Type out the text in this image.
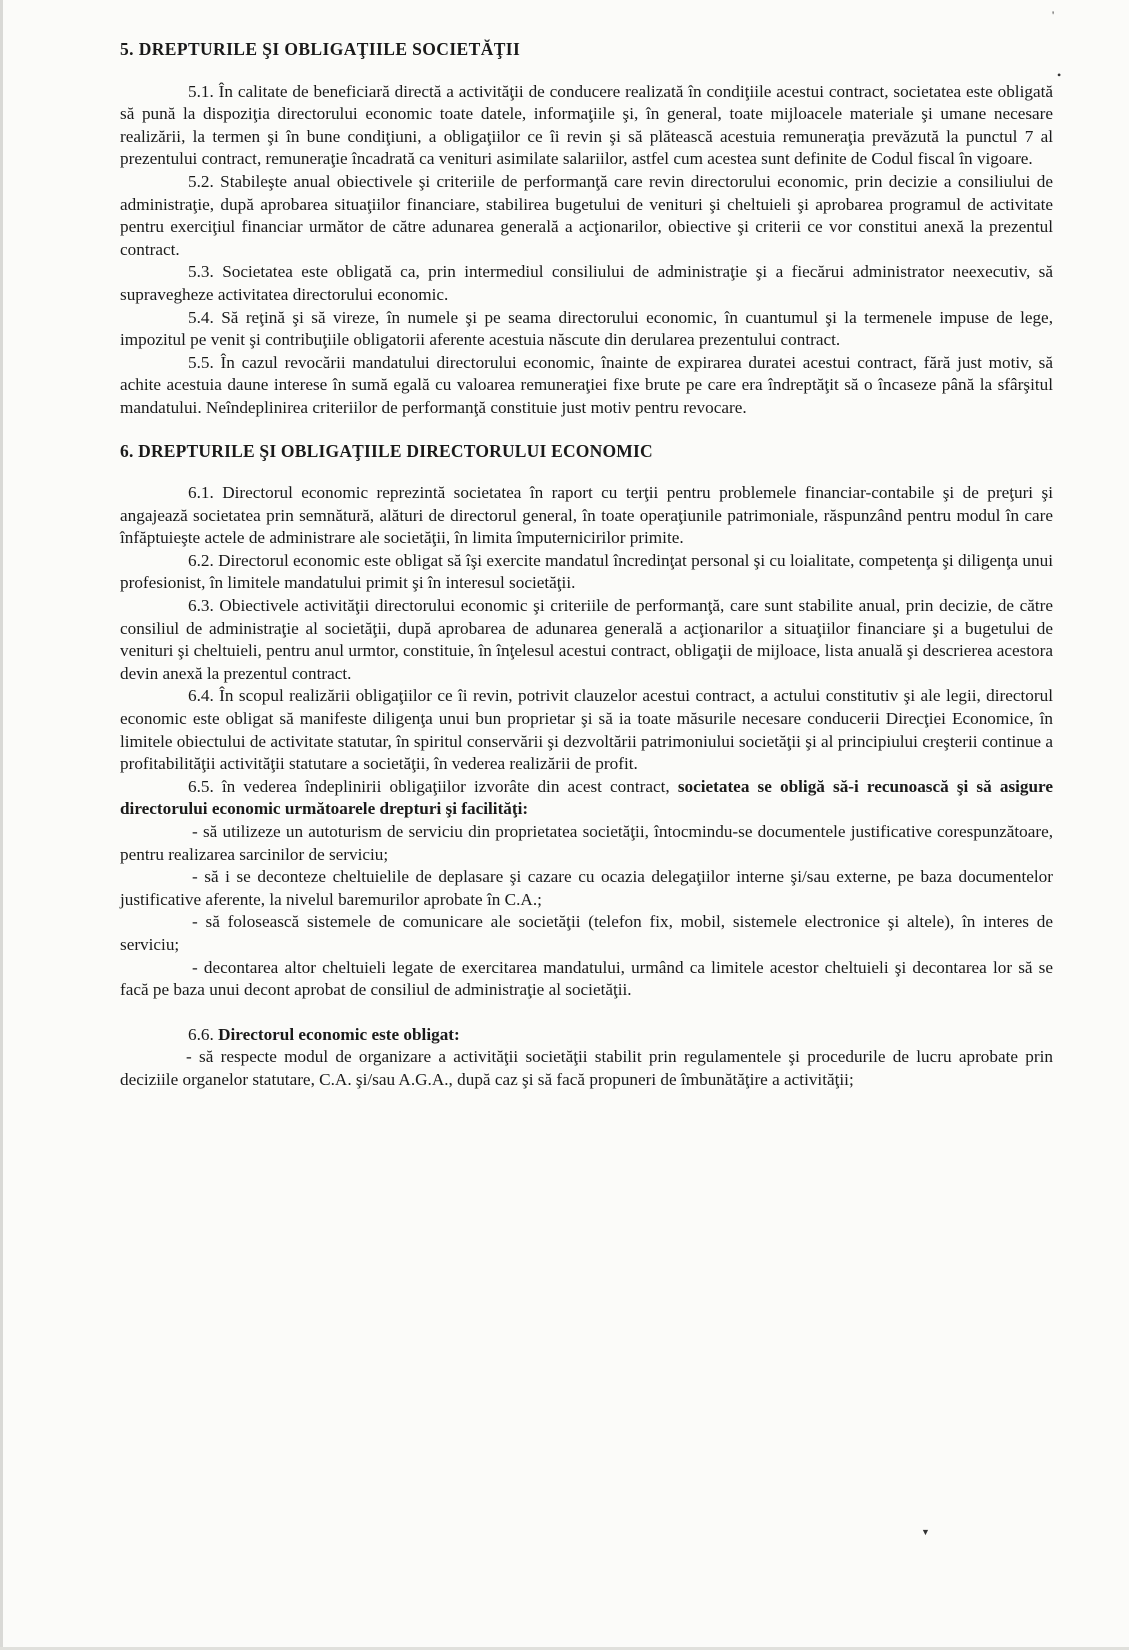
'
•
▼
5. DREPTURILE ŞI OBLIGAŢIILE SOCIETĂŢII

5.1. În calitate de beneficiară directă a activităţii de conducere realizată în condiţiile acestui contract, societatea este obligată să pună la dispoziţia directorului economic toate datele, informaţiile şi, în general, toate mijloacele materiale şi umane necesare realizării, la termen şi în bune condiţiuni, a obligaţiilor ce îi revin şi să plătească acestuia remuneraţia prevăzută la punctul 7 al prezentului contract, remuneraţie încadrată ca venituri asimilate salariilor, astfel cum acestea sunt definite de Codul fiscal în vigoare.

5.2. Stabileşte anual obiectivele şi criteriile de performanţă care revin directorului economic, prin decizie a consiliului de administraţie, după aprobarea situaţiilor financiare, stabilirea bugetului de venituri şi cheltuieli şi aprobarea programul de activitate pentru exerciţiul financiar următor de către adunarea generală a acţionarilor, obiective şi criterii ce vor constitui anexă la prezentul contract.

5.3. Societatea este obligată ca, prin intermediul consiliului de administraţie şi a fiecărui administrator neexecutiv, să supravegheze activitatea directorului economic.

5.4. Să reţină şi să vireze, în numele şi pe seama directorului economic, în cuantumul şi la termenele impuse de lege, impozitul pe venit şi contribuţiile obligatorii aferente acestuia născute din derularea prezentului contract.

5.5. În cazul revocării mandatului directorului economic, înainte de expirarea duratei acestui contract, fără just motiv, să achite acestuia daune interese în sumă egală cu valoarea remuneraţiei fixe brute pe care era îndreptăţit să o încaseze până la sfârşitul mandatului. Neîndeplinirea criteriilor de performanţă constituie just motiv pentru revocare.

6. DREPTURILE ŞI OBLIGAŢIILE DIRECTORULUI ECONOMIC

6.1. Directorul economic reprezintă societatea în raport cu terţii pentru problemele financiar-contabile şi de preţuri şi angajează societatea prin semnătură, alături de directorul general, în toate operaţiunile patrimoniale, răspunzând pentru modul în care înfăptuieşte actele de administrare ale societăţii, în limita împuternicirilor primite.

6.2. Directorul economic este obligat să îşi exercite mandatul încredinţat personal şi cu loialitate, competenţa şi diligenţa unui profesionist, în limitele mandatului primit şi în interesul societăţii.

6.3. Obiectivele activităţii directorului economic şi criteriile de performanţă, care sunt stabilite anual, prin decizie, de către consiliul de administraţie al societăţii, după aprobarea de adunarea generală a acţionarilor a situaţiilor financiare şi a bugetului de venituri şi cheltuieli, pentru anul urmtor, constituie, în înţelesul acestui contract, obligaţii de mijloace, lista anuală şi descrierea acestora devin anexă la prezentul contract.

6.4. În scopul realizării obligaţiilor ce îi revin, potrivit clauzelor acestui contract, a actului constitutiv şi ale legii, directorul economic este obligat să manifeste diligenţa unui bun proprietar şi să ia toate măsurile necesare conducerii Direcţiei Economice, în limitele obiectului de activitate statutar, în spiritul conservării şi dezvoltării patrimoniului societăţii şi al principiului creşterii continue a profitabilităţii activităţii statutare a societăţii, în vederea realizării de profit.

6.5. în vederea îndeplinirii obligaţiilor izvorâte din acest contract, societatea se obligă să-i recunoască şi să asigure directorului economic următoarele drepturi şi facilităţi:

- să utilizeze un autoturism de serviciu din proprietatea societăţii, întocmindu-se documentele justificative corespunzătoare, pentru realizarea sarcinilor de serviciu;

- să i se deconteze cheltuielile de deplasare şi cazare cu ocazia delegaţiilor interne şi/sau externe, pe baza documentelor justificative aferente, la nivelul baremurilor aprobate în C.A.;

- să folosească sistemele de comunicare ale societăţii (telefon fix, mobil, sistemele electronice şi altele), în interes de serviciu;

- decontarea altor cheltuieli legate de exercitarea mandatului, urmând ca limitele acestor cheltuieli şi decontarea lor să se facă pe baza unui decont aprobat de consiliul de administraţie al societăţii.

6.6. Directorul economic este obligat:

- să respecte modul de organizare a activităţii societăţii stabilit prin regulamentele şi procedurile de lucru aprobate prin deciziile organelor statutare, C.A. şi/sau A.G.A., după caz şi să facă propuneri de îmbunătăţire a activităţii;
